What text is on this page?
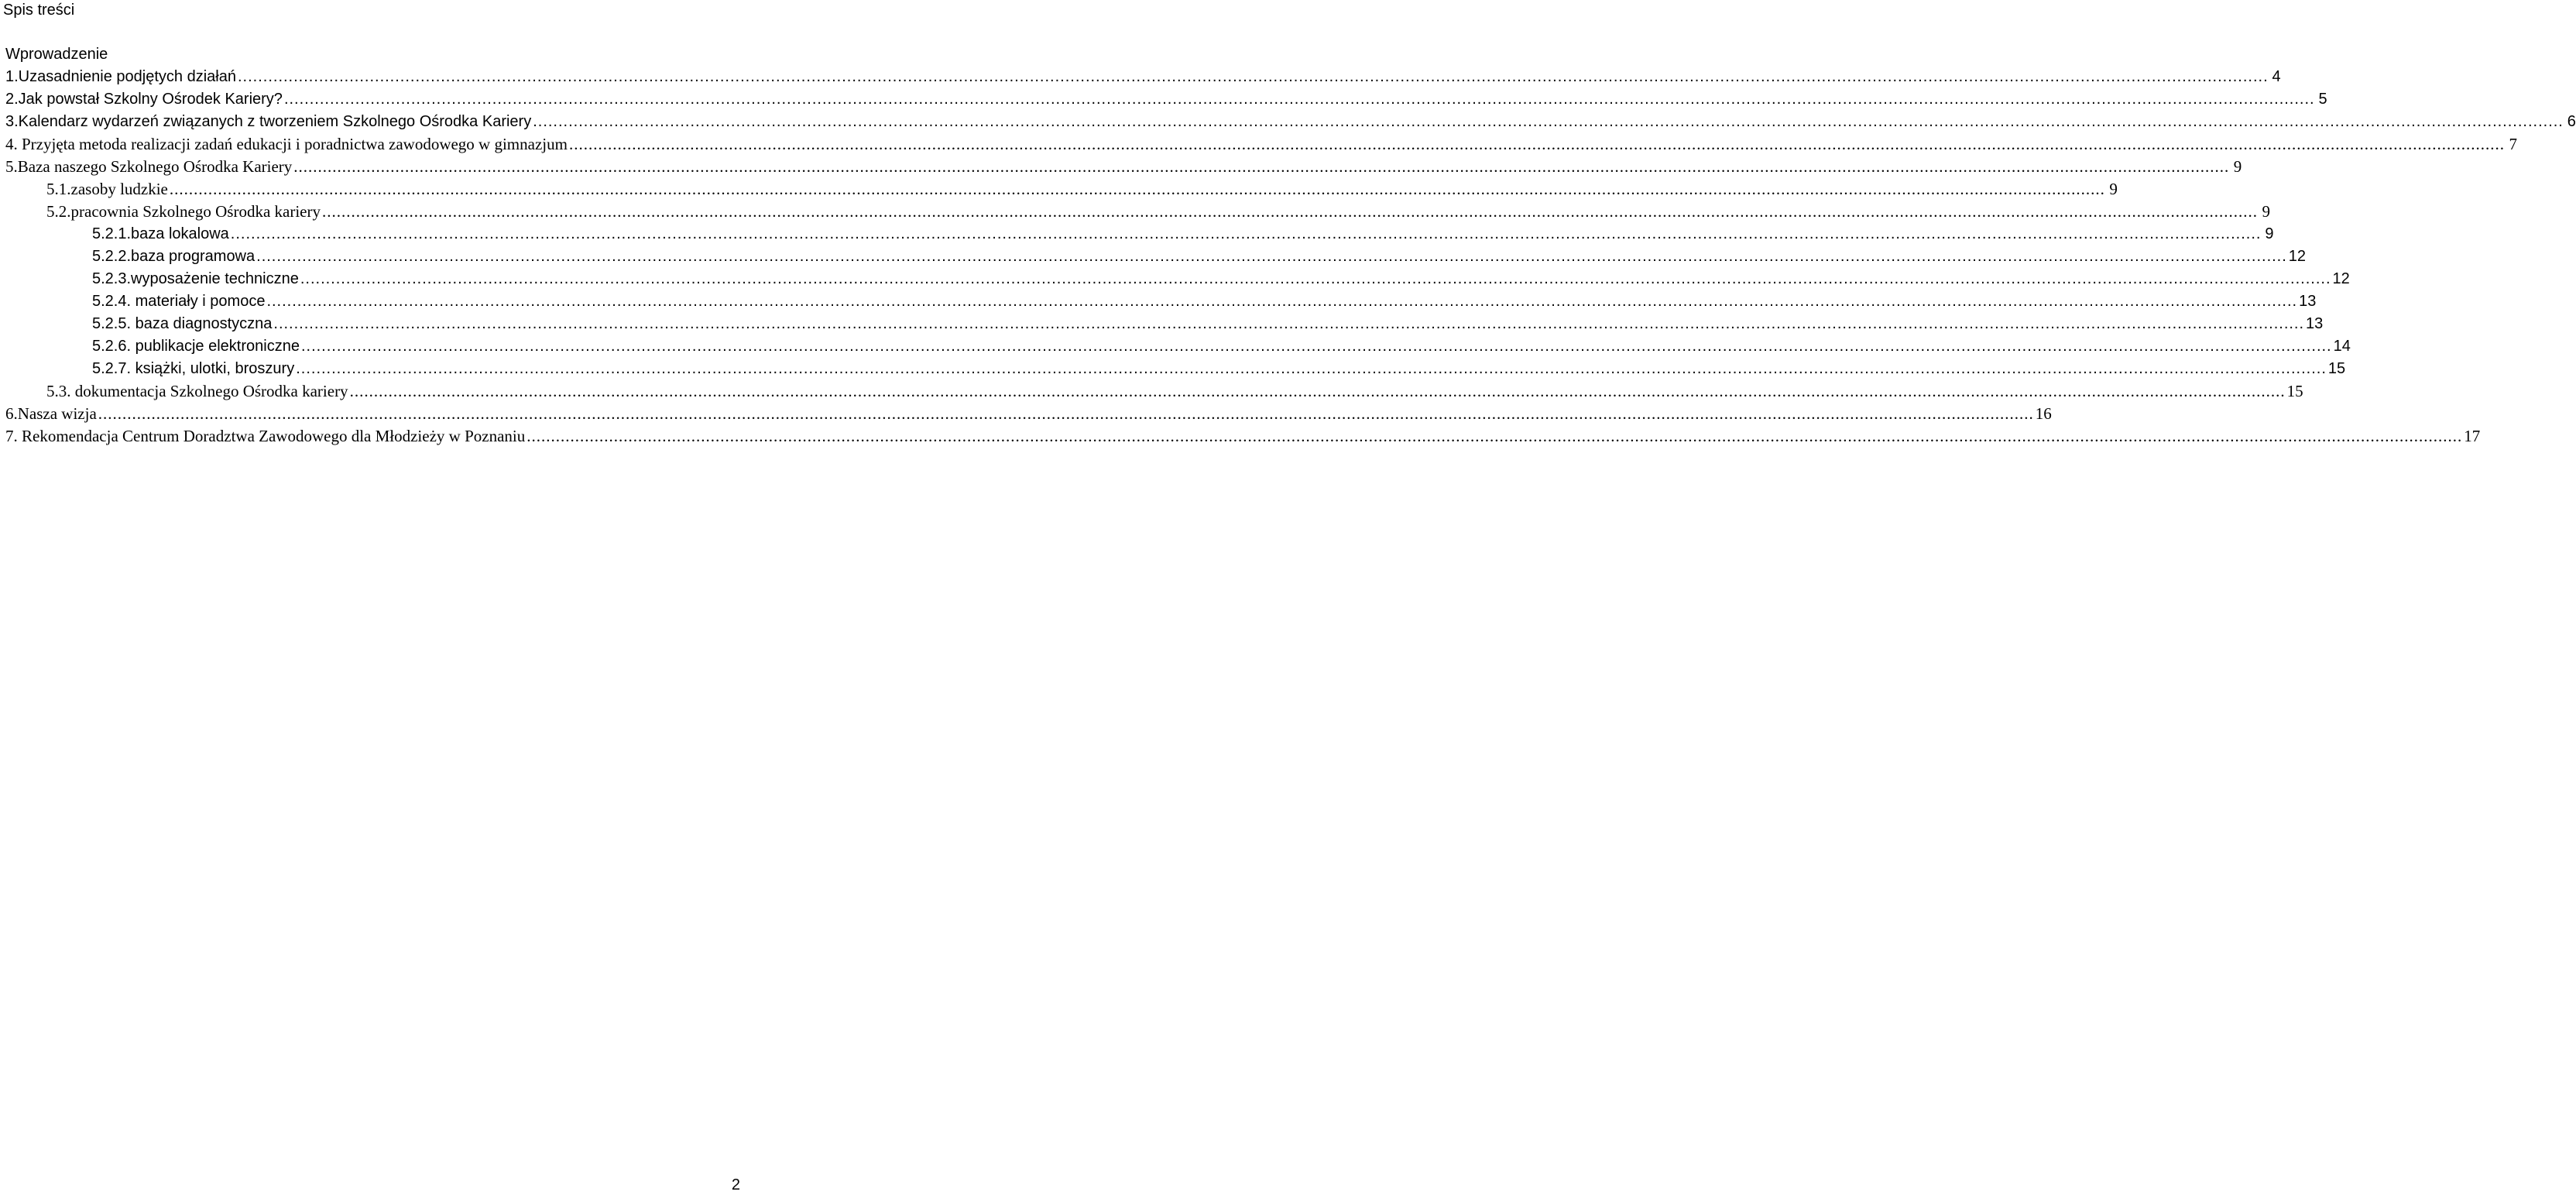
Spis treści
Wprowadzenie
1.Uzasadnienie podjętych działań ................................................................................................................................................................................................................................................................................................................................................................................................................ 4
2.Jak powstał Szkolny Ośrodek Kariery? ................................................................................................................................................................................................................................................................................................................................................................................................................ 5
3.Kalendarz wydarzeń związanych z tworzeniem Szkolnego Ośrodka Kariery ................................................................................................................................................................................................................................................................................................................................................................................................................ 6
4. Przyjęta metoda realizacji zadań edukacji i poradnictwa zawodowego w gimnazjum ................................................................................................................................................................................................................................................................................................................................................................................................................ 7
5.Baza naszego Szkolnego Ośrodka Kariery ................................................................................................................................................................................................................................................................................................................................................................................................................ 9
5.1.zasoby ludzkie ................................................................................................................................................................................................................................................................................................................................................................................................................ 9
5.2.pracownia Szkolnego Ośrodka kariery ................................................................................................................................................................................................................................................................................................................................................................................................................ 9
5.2.1.baza lokalowa ................................................................................................................................................................................................................................................................................................................................................................................................................ 9
5.2.2.baza programowa ................................................................................................................................................................................................................................................................................................................................................................................................................ 12
5.2.3.wyposażenie techniczne ................................................................................................................................................................................................................................................................................................................................................................................................................ 12
5.2.4. materiały i pomoce ................................................................................................................................................................................................................................................................................................................................................................................................................ 13
5.2.5. baza diagnostyczna ................................................................................................................................................................................................................................................................................................................................................................................................................ 13
5.2.6. publikacje elektroniczne ................................................................................................................................................................................................................................................................................................................................................................................................................ 14
5.2.7. książki, ulotki, broszury ................................................................................................................................................................................................................................................................................................................................................................................................................ 15
5.3. dokumentacja Szkolnego Ośrodka kariery ................................................................................................................................................................................................................................................................................................................................................................................................................ 15
6.Nasza wizja ................................................................................................................................................................................................................................................................................................................................................................................................................ 16
7. Rekomendacja Centrum Doradztwa Zawodowego dla Młodzieży w Poznaniu ................................................................................................................................................................................................................................................................................................................................................................................................................ 17
2
